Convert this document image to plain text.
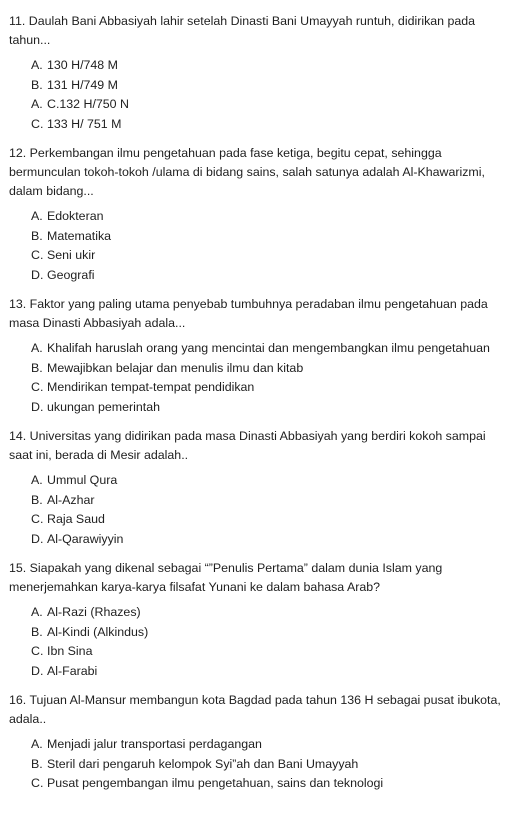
11. Daulah Bani Abbasiyah lahir setelah Dinasti Bani Umayyah runtuh, didirikan pada tahun...

A. 130 H/748 M
B. 131 H/749 M
A. C.132 H/750 N
C. 133 H/ 751 M

12. Perkembangan ilmu pengetahuan pada fase ketiga, begitu cepat, sehingga bermunculan tokoh-tokoh /ulama di bidang sains, salah satunya adalah Al-Khawarizmi, dalam bidang...

A. Edokteran
B. Matematika
C. Seni ukir
D. Geografi

13. Faktor yang paling utama penyebab tumbuhnya peradaban ilmu pengetahuan pada masa Dinasti Abbasiyah adala...

A. Khalifah haruslah orang yang mencintai dan mengembangkan ilmu pengetahuan
B. Mewajibkan belajar dan menulis ilmu dan kitab
C. Mendirikan tempat-tempat pendidikan
D. ukungan pemerintah

14. Universitas yang didirikan pada masa Dinasti Abbasiyah yang berdiri kokoh sampai saat ini, berada di Mesir adalah..

A. Ummul Qura
B. Al-Azhar
C. Raja Saud
D. Al-Qarawiyyin

15. Siapakah yang dikenal sebagai “”Penulis Pertama” dalam dunia Islam yang menerjemahkan karya-karya filsafat Yunani ke dalam bahasa Arab?

A. Al-Razi (Rhazes)
B. Al-Kindi (Alkindus)
C. Ibn Sina
D. Al-Farabi

16. Tujuan Al-Mansur membangun kota Bagdad pada tahun 136 H sebagai pusat ibukota, adala..

A. Menjadi jalur transportasi perdagangan
B. Steril dari pengaruh kelompok Syi”ah dan Bani Umayyah
C. Pusat pengembangan ilmu pengetahuan, sains dan teknologi
